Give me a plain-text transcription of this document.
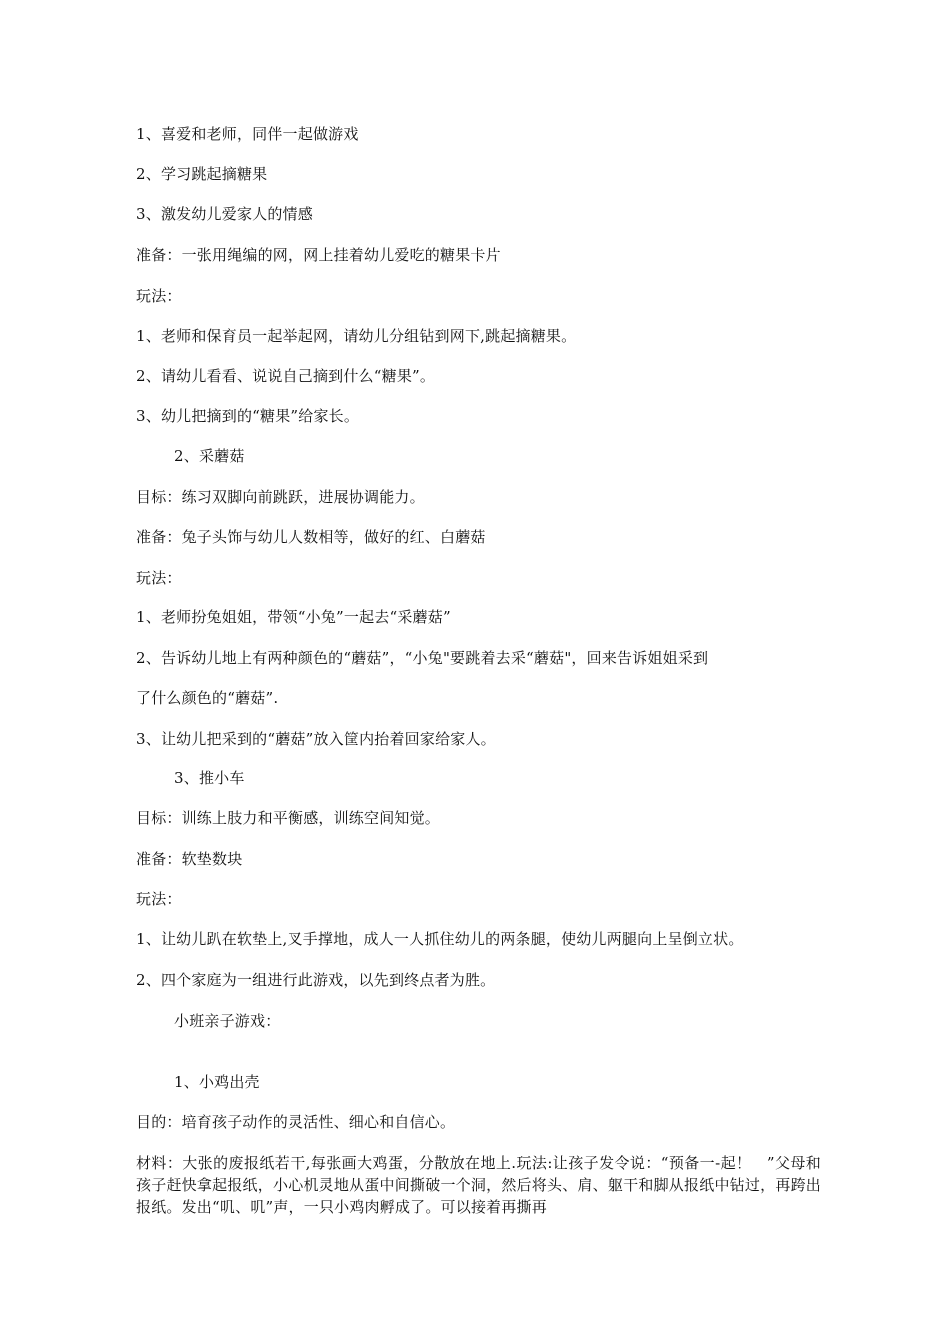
1、喜爱和老师，同伴一起做游戏
2、学习跳起摘糖果
3、激发幼儿爱家人的情感
准备：一张用绳编的网，网上挂着幼儿爱吃的糖果卡片
玩法：
1、老师和保育员一起举起网，请幼儿分组钻到网下,跳起摘糖果。
2、请幼儿看看、说说自己摘到什么“糖果”。
3、幼儿把摘到的“糖果”给家长。
2、采蘑菇
目标：练习双脚向前跳跃，进展协调能力。
准备：兔子头饰与幼儿人数相等，做好的红、白蘑菇
玩法：
1、老师扮兔姐姐，带领“小兔”一起去“采蘑菇”
2、告诉幼儿地上有两种颜色的“蘑菇”，“小兔"要跳着去采“蘑菇"，回来告诉姐姐采到
了什么颜色的“蘑菇”.
3、让幼儿把采到的“蘑菇”放入筐内抬着回家给家人。
3、推小车
目标：训练上肢力和平衡感，训练空间知觉。
准备：软垫数块
玩法：
1、让幼儿趴在软垫上,叉手撑地，成人一人抓住幼儿的两条腿，使幼儿两腿向上呈倒立状。
2、四个家庭为一组进行此游戏，以先到终点者为胜。
小班亲子游戏：
1、小鸡出壳
目的：培育孩子动作的灵活性、细心和自信心。
材料：大张的废报纸若干,每张画大鸡蛋，分散放在地上.玩法:让孩子发令说：“预备一-起！　”父母和孩子赶快拿起报纸，小心机灵地从蛋中间撕破一个洞，然后将头、肩、躯干和脚从报纸中钻过，再跨出报纸。发出“叽、叽”声，一只小鸡肉孵成了。可以接着再撕再
